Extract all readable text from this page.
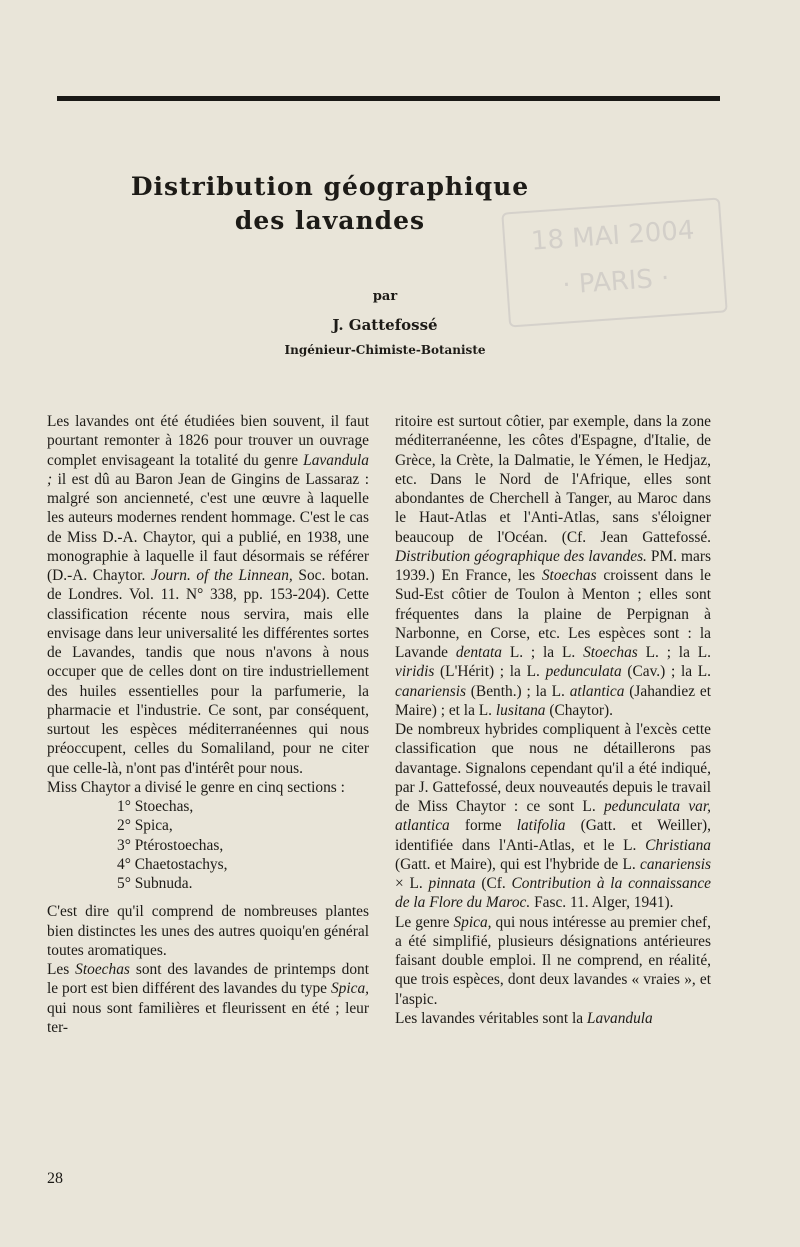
18 MAI 2004
· PARIS ·
Distribution géographique
des lavandes
par
J. Gattefossé
Ingénieur-Chimiste-Botaniste

Les lavandes ont été étudiées bien souvent, il faut pourtant remonter à 1826 pour trouver un ouvrage complet envisageant la totalité du genre Lavandula ; il est dû au Baron Jean de Gingins de Lassaraz : malgré son ancienneté, c'est une œuvre à laquelle les auteurs modernes rendent hommage. C'est le cas de Miss D.-A. Chaytor, qui a publié, en 1938, une monographie à laquelle il faut désormais se référer (D.-A. Chaytor. Journ. of the Linnean, Soc. botan. de Londres. Vol. 11. N° 338, pp. 153-204). Cette classification récente nous servira, mais elle envisage dans leur universalité les différentes sortes de Lavandes, tandis que nous n'avons à nous occuper que de celles dont on tire industriellement des huiles essentielles pour la parfumerie, la pharmacie et l'industrie. Ce sont, par conséquent, surtout les espèces méditerranéennes qui nous préoccupent, celles du Somaliland, pour ne citer que celle-là, n'ont pas d'intérêt pour nous.

Miss Chaytor a divisé le genre en cinq sections :

1° Stoechas,
2° Spica,
3° Ptérostoechas,
4° Chaetostachys,
5° Subnuda.

C'est dire qu'il comprend de nombreuses plantes bien distinctes les unes des autres quoiqu'en général toutes aromatiques.

Les Stoechas sont des lavandes de printemps dont le port est bien différent des lavandes du type Spica, qui nous sont familières et fleurissent en été ; leur ter-

ritoire est surtout côtier, par exemple, dans la zone méditerranéenne, les côtes d'Espagne, d'Italie, de Grèce, la Crète, la Dalmatie, le Yémen, le Hedjaz, etc. Dans le Nord de l'Afrique, elles sont abondantes de Cherchell à Tanger, au Maroc dans le Haut-Atlas et l'Anti-Atlas, sans s'éloigner beaucoup de l'Océan. (Cf. Jean Gattefossé. Distribution géographique des lavandes. PM. mars 1939.) En France, les Stoechas croissent dans le Sud-Est côtier de Toulon à Menton ; elles sont fréquentes dans la plaine de Perpignan à Narbonne, en Corse, etc. Les espèces sont : la Lavande dentata L. ; la L. Stoechas L. ; la L. viridis (L'Hérit) ; la L. pedunculata (Cav.) ; la L. canariensis (Benth.) ; la L. atlantica (Jahandiez et Maire) ; et la L. lusitana (Chaytor).

De nombreux hybrides compliquent à l'excès cette classification que nous ne détaillerons pas davantage. Signalons cependant qu'il a été indiqué, par J. Gattefossé, deux nouveautés depuis le travail de Miss Chaytor : ce sont L. pedunculata var, atlantica forme latifolia (Gatt. et Weiller), identifiée dans l'Anti-Atlas, et le L. Christiana (Gatt. et Maire), qui est l'hybride de L. canariensis × L. pinnata (Cf. Contribution à la connaissance de la Flore du Maroc. Fasc. 11. Alger, 1941).

Le genre Spica, qui nous intéresse au premier chef, a été simplifié, plusieurs désignations antérieures faisant double emploi. Il ne comprend, en réalité, que trois espèces, dont deux lavandes « vraies », et l'aspic.

Les lavandes véritables sont la Lavandula

28
